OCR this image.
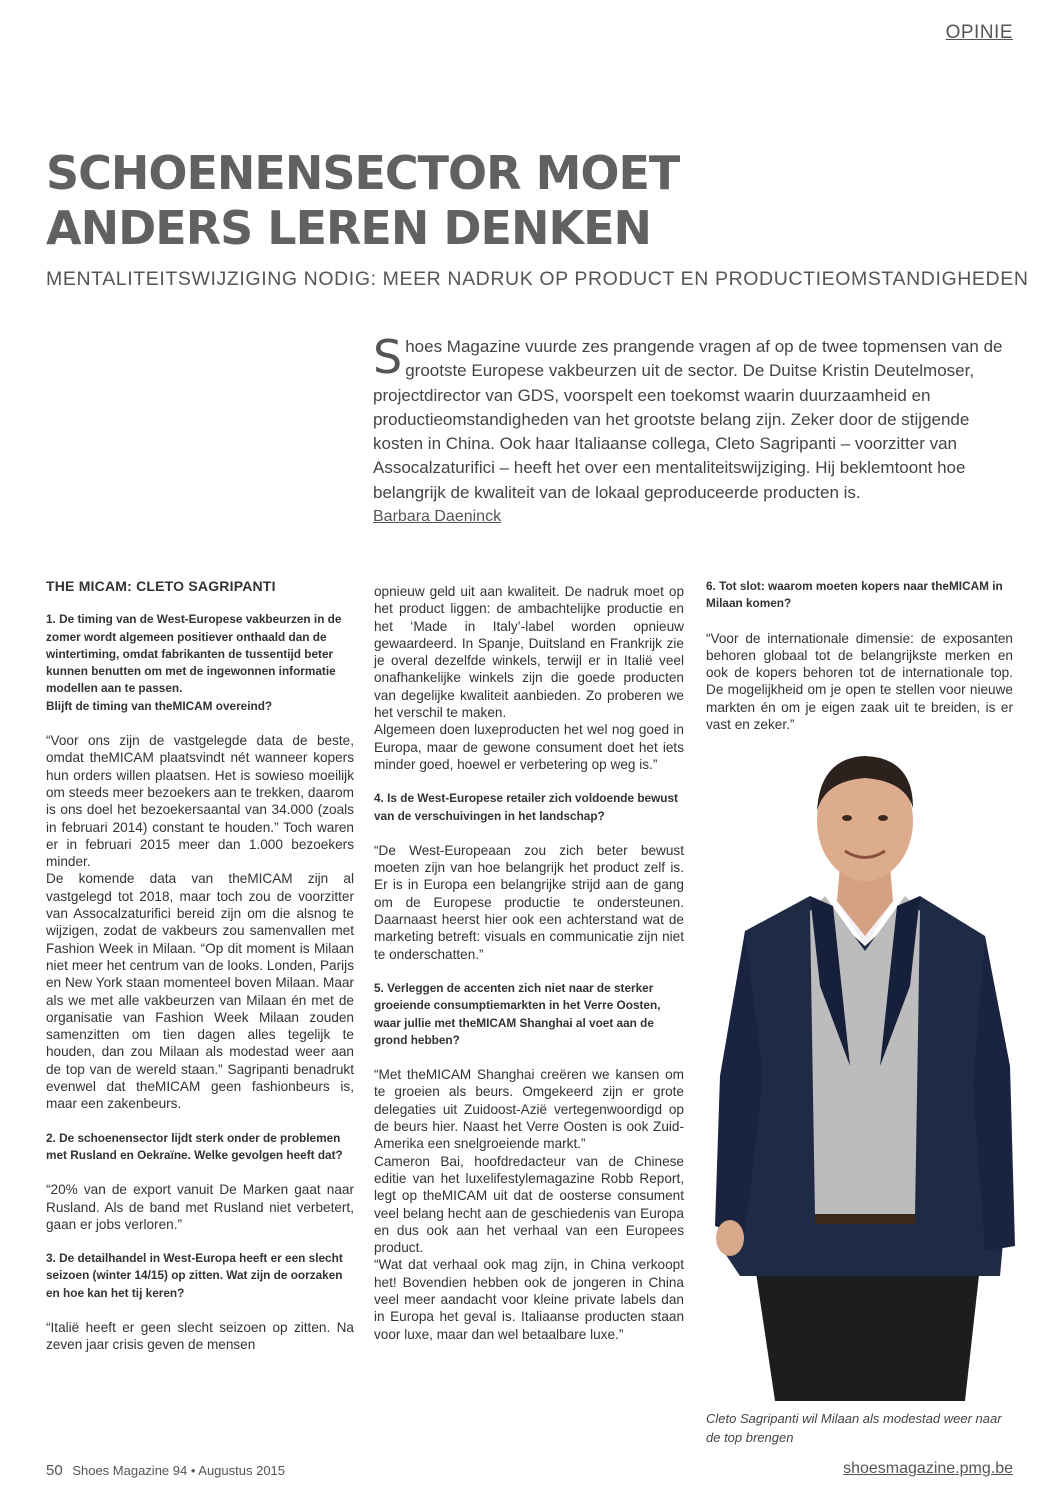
OPINIE
SCHOENENSECTOR MOET
ANDERS LEREN DENKEN
MENTALITEITSWIJZIGING NODIG: MEER NADRUK OP PRODUCT EN PRODUCTIEOMSTANDIGHEDEN
Shoes Magazine vuurde zes prangende vragen af op de twee topmensen van de grootste Europese vakbeurzen uit de sector. De Duitse Kristin Deutelmoser, projectdirector van GDS, voorspelt een toekomst waarin duurzaamheid en productieomstandigheden van het grootste belang zijn. Zeker door de stijgende kosten in China. Ook haar Italiaanse collega, Cleto Sagripanti – voorzitter van Assocalzaturifici – heeft het over een mentaliteitswijziging. Hij beklemtoont hoe belangrijk de kwaliteit van de lokaal geproduceerde producten is.
Barbara Daeninck
THE MICAM: CLETO SAGRIPANTI

1. De timing van de West-Europese vakbeurzen in de zomer wordt algemeen positiever onthaald dan de wintertiming, omdat fabrikanten de tussentijd beter kunnen benutten om met de ingewonnen informatie modellen aan te passen.

Blijft de timing van theMICAM overeind?

“Voor ons zijn de vastgelegde data de beste, omdat theMICAM plaatsvindt nét wanneer kopers hun orders willen plaatsen. Het is sowieso moeilijk om steeds meer bezoekers aan te trekken, daarom is ons doel het bezoekersaantal van 34.000 (zoals in februari 2014) constant te houden.” Toch waren er in februari 2015 meer dan 1.000 bezoekers minder.

De komende data van theMICAM zijn al vastgelegd tot 2018, maar toch zou de voorzitter van Assocalzaturifici bereid zijn om die alsnog te wijzigen, zodat de vakbeurs zou samenvallen met Fashion Week in Milaan. “Op dit moment is Milaan niet meer het centrum van de looks. Londen, Parijs en New York staan momenteel boven Milaan. Maar als we met alle vakbeurzen van Milaan én met de organisatie van Fashion Week Milaan zouden samenzitten om tien dagen alles tegelijk te houden, dan zou Milaan als modestad weer aan de top van de wereld staan.” Sagripanti benadrukt evenwel dat theMICAM geen fashionbeurs is, maar een zakenbeurs.

2. De schoenensector lijdt sterk onder de problemen met Rusland en Oekraïne. Welke gevolgen heeft dat?

“20% van de export vanuit De Marken gaat naar Rusland. Als de band met Rusland niet verbetert, gaan er jobs verloren.”

3. De detailhandel in West-Europa heeft er een slecht seizoen (winter 14/15) op zitten. Wat zijn de oorzaken en hoe kan het tij keren?

“Italië heeft er geen slecht seizoen op zitten. Na zeven jaar crisis geven de mensen

opnieuw geld uit aan kwaliteit. De nadruk moet op het product liggen: de ambachtelijke productie en het ‘Made in Italy’-label worden opnieuw gewaardeerd. In Spanje, Duitsland en Frankrijk zie je overal dezelfde winkels, terwijl er in Italië veel onafhankelijke winkels zijn die goede producten van degelijke kwaliteit aanbieden. Zo proberen we het verschil te maken.

Algemeen doen luxeproducten het wel nog goed in Europa, maar de gewone consument doet het iets minder goed, hoewel er verbetering op weg is.”

4. Is de West-Europese retailer zich voldoende bewust van de verschuivingen in het landschap?

“De West-Europeaan zou zich beter bewust moeten zijn van hoe belangrijk het product zelf is. Er is in Europa een belangrijke strijd aan de gang om de Europese productie te ondersteunen. Daarnaast heerst hier ook een achterstand wat de marketing betreft: visuals en communicatie zijn niet te onderschatten.”

5. Verleggen de accenten zich niet naar de sterker groeiende consumptiemarkten in het Verre Oosten, waar jullie met theMICAM Shanghai al voet aan de grond hebben?

“Met theMICAM Shanghai creëren we kansen om te groeien als beurs. Omgekeerd zijn er grote delegaties uit Zuidoost-Azië vertegenwoordigd op de beurs hier. Naast het Verre Oosten is ook Zuid-Amerika een snelgroeiende markt.”

Cameron Bai, hoofdredacteur van de Chinese editie van het luxelifestylemagazine Robb Report, legt op theMICAM uit dat de oosterse consument veel belang hecht aan de geschiedenis van Europa en dus ook aan het verhaal van een Europees product.

“Wat dat verhaal ook mag zijn, in China verkoopt het! Bovendien hebben ook de jongeren in China veel meer aandacht voor kleine private labels dan in Europa het geval is. Italiaanse producten staan voor luxe, maar dan wel betaalbare luxe.”

6. Tot slot: waarom moeten kopers naar theMICAM in Milaan komen?

“Voor de internationale dimensie: de exposanten behoren globaal tot de belangrijkste merken en ook de kopers behoren tot de internationale top. De mogelijkheid om je open te stellen voor nieuwe markten én om je eigen zaak uit te breiden, is er vast en zeker.”

Cleto Sagripanti wil Milaan als modestad weer naar de top brengen
50 Shoes Magazine 94 • Augustus 2015	shoesmagazine.pmg.be
